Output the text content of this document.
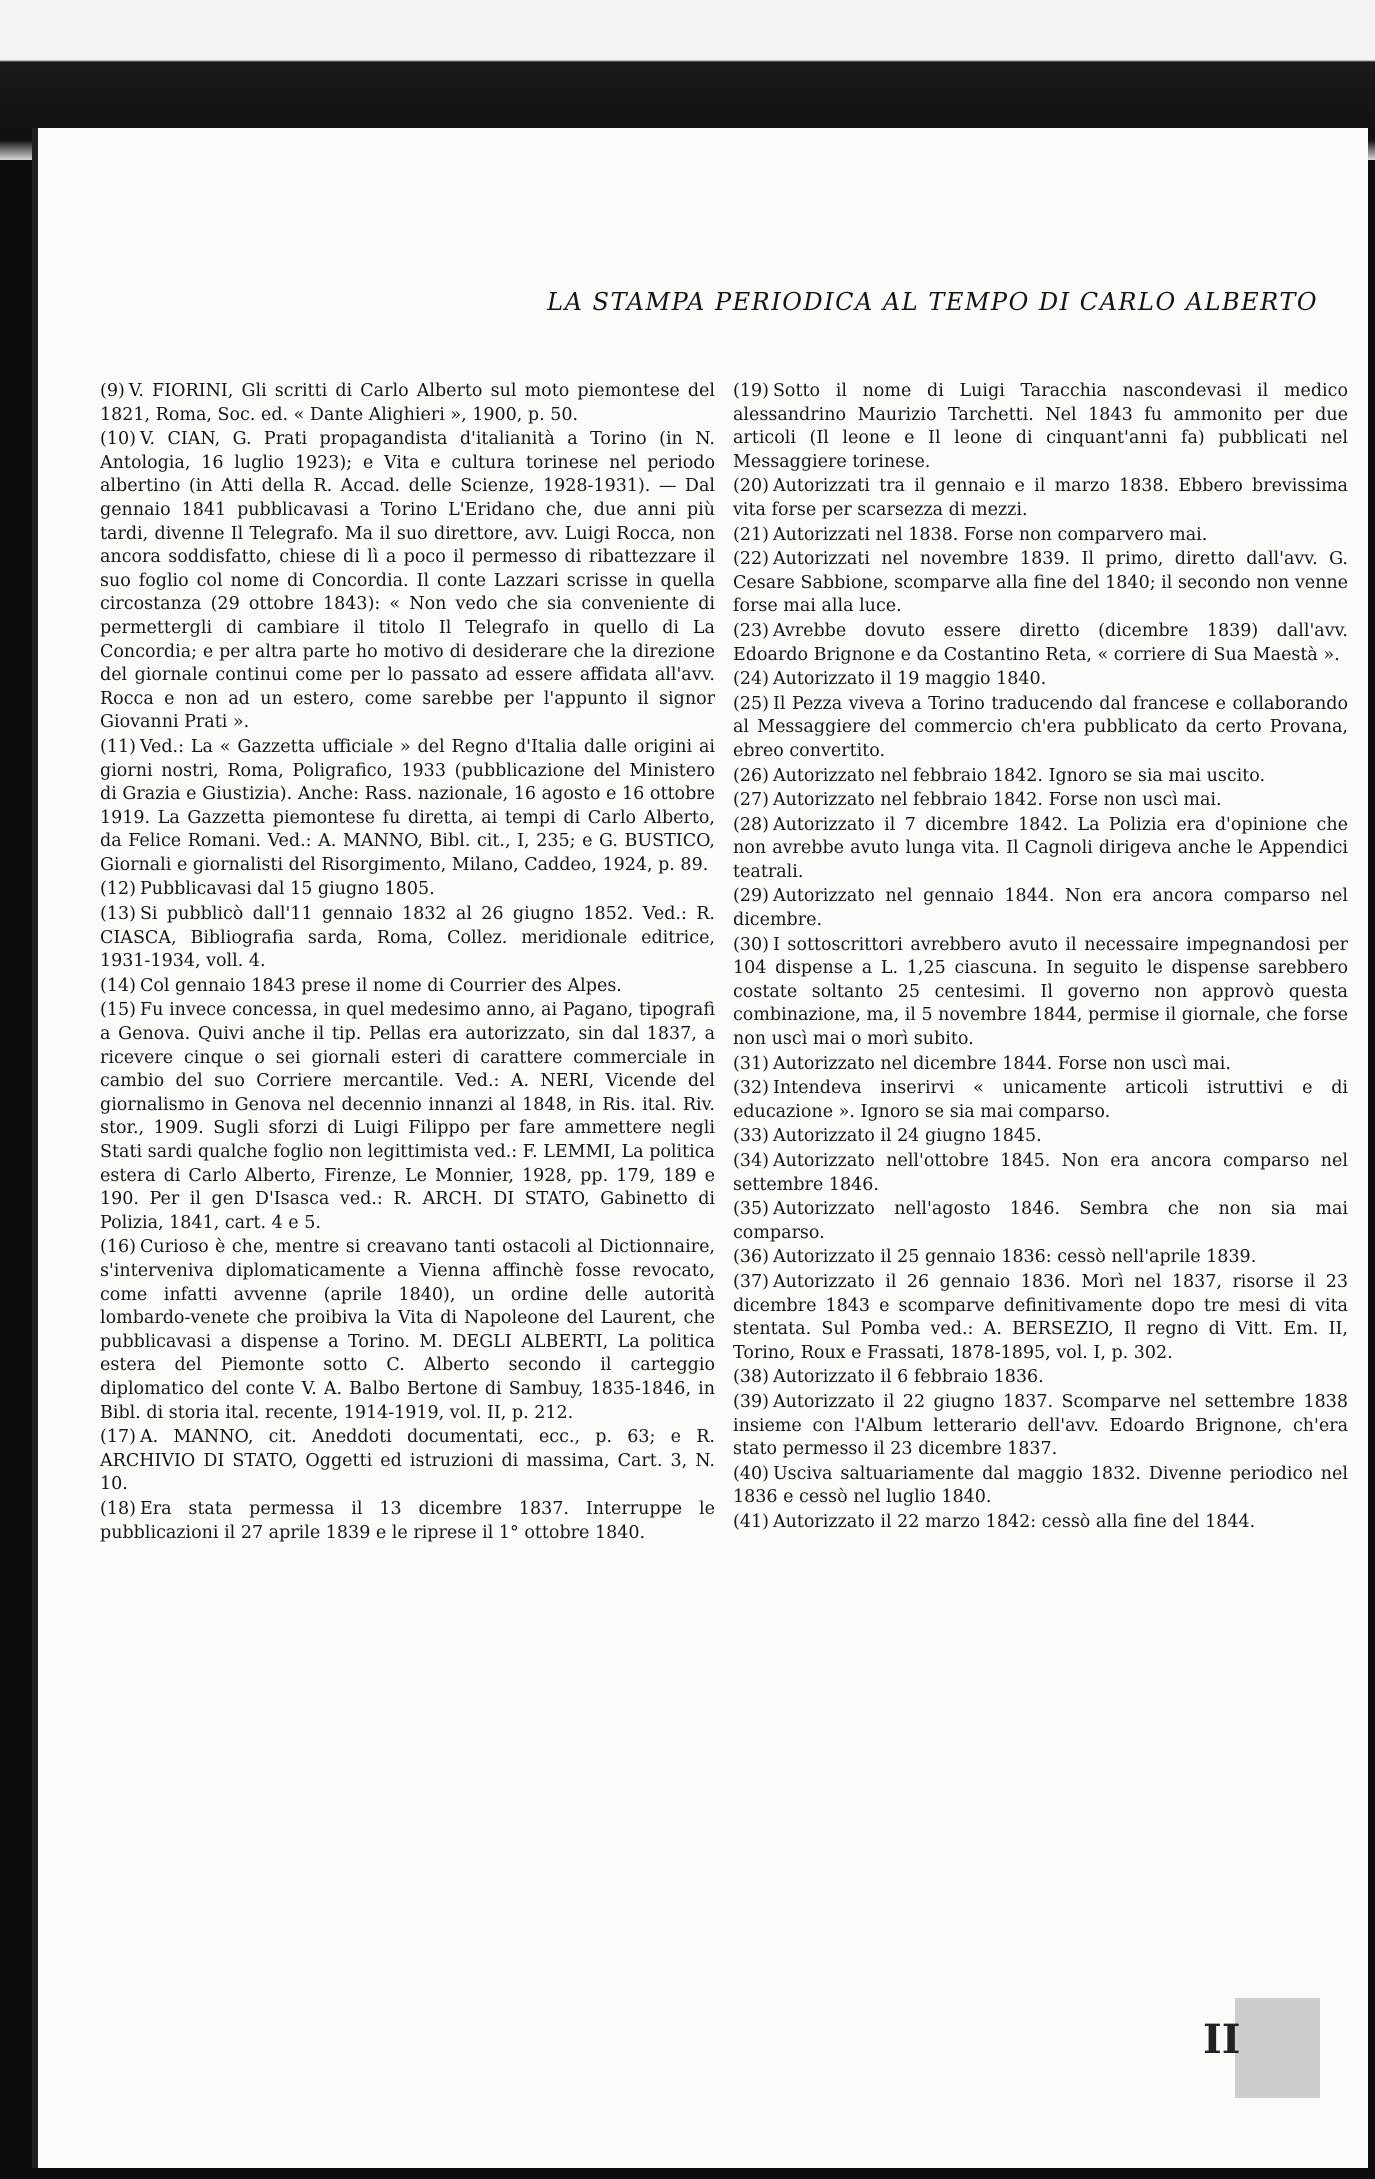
LA STAMPA PERIODICA AL TEMPO DI CARLO ALBERTO

(9) V. FIORINI, Gli scritti di Carlo Alberto sul moto piemontese del 1821, Roma, Soc. ed. « Dante Alighieri », 1900, p. 50.

(10) V. CIAN, G. Prati propagandista d'italianità a Torino (in N. Antologia, 16 luglio 1923); e Vita e cultura torinese nel periodo albertino (in Atti della R. Accad. delle Scienze, 1928-1931). — Dal gennaio 1841 pubblicavasi a Torino L'Eridano che, due anni più tardi, divenne Il Telegrafo. Ma il suo direttore, avv. Luigi Rocca, non ancora soddisfatto, chiese di lì a poco il permesso di ribattezzare il suo foglio col nome di Concordia. Il conte Lazzari scrisse in quella circostanza (29 ottobre 1843): « Non vedo che sia conveniente di permettergli di cambiare il titolo Il Telegrafo in quello di La Concordia; e per altra parte ho motivo di desiderare che la direzione del giornale continui come per lo passato ad essere affidata all'avv. Rocca e non ad un estero, come sarebbe per l'appunto il signor Giovanni Prati ».

(11) Ved.: La « Gazzetta ufficiale » del Regno d'Italia dalle origini ai giorni nostri, Roma, Poligrafico, 1933 (pubblicazione del Ministero di Grazia e Giustizia). Anche: Rass. nazionale, 16 agosto e 16 ottobre 1919. La Gazzetta piemontese fu diretta, ai tempi di Carlo Alberto, da Felice Romani. Ved.: A. MANNO, Bibl. cit., I, 235; e G. BUSTICO, Giornali e giornalisti del Risorgimento, Milano, Caddeo, 1924, p. 89.

(12) Pubblicavasi dal 15 giugno 1805.

(13) Si pubblicò dall'11 gennaio 1832 al 26 giugno 1852. Ved.: R. CIASCA, Bibliografia sarda, Roma, Collez. meridionale editrice, 1931-1934, voll. 4.

(14) Col gennaio 1843 prese il nome di Courrier des Alpes.

(15) Fu invece concessa, in quel medesimo anno, ai Pagano, tipografi a Genova. Quivi anche il tip. Pellas era autorizzato, sin dal 1837, a ricevere cinque o sei giornali esteri di carattere commerciale in cambio del suo Corriere mercantile. Ved.: A. NERI, Vicende del giornalismo in Genova nel decennio innanzi al 1848, in Ris. ital. Riv. stor., 1909. Sugli sforzi di Luigi Filippo per fare ammettere negli Stati sardi qualche foglio non legittimista ved.: F. LEMMI, La politica estera di Carlo Alberto, Firenze, Le Monnier, 1928, pp. 179, 189 e 190. Per il gen D'Isasca ved.: R. ARCH. DI STATO, Gabinetto di Polizia, 1841, cart. 4 e 5.

(16) Curioso è che, mentre si creavano tanti ostacoli al Dictionnaire, s'interveniva diplomaticamente a Vienna affinchè fosse revocato, come infatti avvenne (aprile 1840), un ordine delle autorità lombardo-venete che proibiva la Vita di Napoleone del Laurent, che pubblicavasi a dispense a Torino. M. DEGLI ALBERTI, La politica estera del Piemonte sotto C. Alberto secondo il carteggio diplomatico del conte V. A. Balbo Bertone di Sambuy, 1835-1846, in Bibl. di storia ital. recente, 1914-1919, vol. II, p. 212.

(17) A. MANNO, cit. Aneddoti documentati, ecc., p. 63; e R. ARCHIVIO DI STATO, Oggetti ed istruzioni di massima, Cart. 3, N. 10.

(18) Era stata permessa il 13 dicembre 1837. Interruppe le pubblicazioni il 27 aprile 1839 e le riprese il 1° ottobre 1840.

(19) Sotto il nome di Luigi Taracchia nascondevasi il medico alessandrino Maurizio Tarchetti. Nel 1843 fu ammonito per due articoli (Il leone e Il leone di cinquant'anni fa) pubblicati nel Messaggiere torinese.

(20) Autorizzati tra il gennaio e il marzo 1838. Ebbero brevissima vita forse per scarsezza di mezzi.

(21) Autorizzati nel 1838. Forse non comparvero mai.

(22) Autorizzati nel novembre 1839. Il primo, diretto dall'avv. G. Cesare Sabbione, scomparve alla fine del 1840; il secondo non venne forse mai alla luce.

(23) Avrebbe dovuto essere diretto (dicembre 1839) dall'avv. Edoardo Brignone e da Costantino Reta, « corriere di Sua Maestà ».

(24) Autorizzato il 19 maggio 1840.

(25) Il Pezza viveva a Torino traducendo dal francese e collaborando al Messaggiere del commercio ch'era pubblicato da certo Provana, ebreo convertito.

(26) Autorizzato nel febbraio 1842. Ignoro se sia mai uscito.

(27) Autorizzato nel febbraio 1842. Forse non uscì mai.

(28) Autorizzato il 7 dicembre 1842. La Polizia era d'opinione che non avrebbe avuto lunga vita. Il Cagnoli dirigeva anche le Appendici teatrali.

(29) Autorizzato nel gennaio 1844. Non era ancora comparso nel dicembre.

(30) I sottoscrittori avrebbero avuto il necessaire impegnandosi per 104 dispense a L. 1,25 ciascuna. In seguito le dispense sarebbero costate soltanto 25 centesimi. Il governo non approvò questa combinazione, ma, il 5 novembre 1844, permise il giornale, che forse non uscì mai o morì subito.

(31) Autorizzato nel dicembre 1844. Forse non uscì mai.

(32) Intendeva inserirvi « unicamente articoli istruttivi e di educazione ». Ignoro se sia mai comparso.

(33) Autorizzato il 24 giugno 1845.

(34) Autorizzato nell'ottobre 1845. Non era ancora comparso nel settembre 1846.

(35) Autorizzato nell'agosto 1846. Sembra che non sia mai comparso.

(36) Autorizzato il 25 gennaio 1836: cessò nell'aprile 1839.

(37) Autorizzato il 26 gennaio 1836. Morì nel 1837, risorse il 23 dicembre 1843 e scomparve definitivamente dopo tre mesi di vita stentata. Sul Pomba ved.: A. BERSEZIO, Il regno di Vitt. Em. II, Torino, Roux e Frassati, 1878-1895, vol. I, p. 302.

(38) Autorizzato il 6 febbraio 1836.

(39) Autorizzato il 22 giugno 1837. Scomparve nel settembre 1838 insieme con l'Album letterario dell'avv. Edoardo Brignone, ch'era stato permesso il 23 dicembre 1837.

(40) Usciva saltuariamente dal maggio 1832. Divenne periodico nel 1836 e cessò nel luglio 1840.

(41) Autorizzato il 22 marzo 1842: cessò alla fine del 1844.

II
